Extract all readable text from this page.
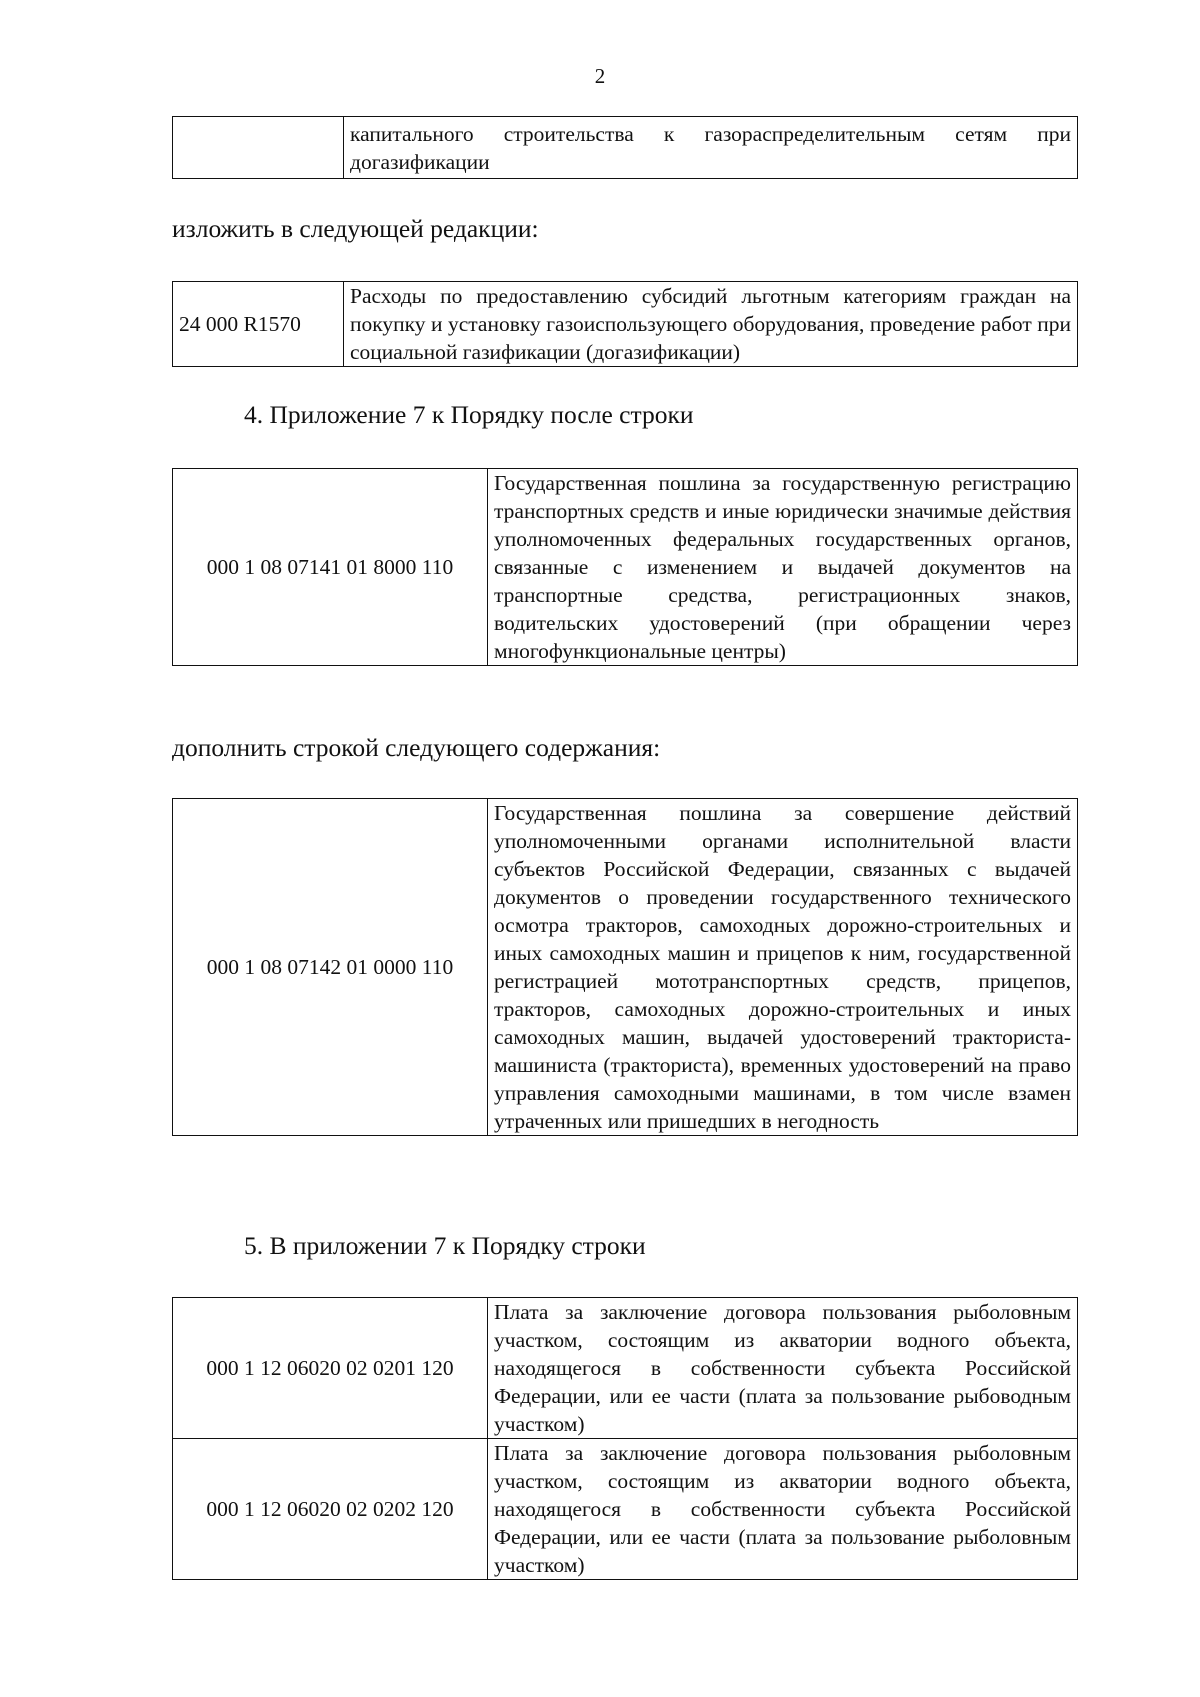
2
	капитального строительства к газораспределительным сетям при догазификации
изложить в следующей редакции:
24 000 R1570	Расходы по предоставлению субсидий льготным категориям граждан на покупку и установку газоиспользующего оборудования, проведение работ при социальной газификации (догазификации)
4. Приложение 7 к Порядку после строки
000 1 08 07141 01 8000 110	Государственная пошлина за государственную регистрацию транспортных средств и иные юридически значимые действия уполномоченных федеральных государственных органов, связанные с изменением и выдачей документов на транспортные средства, регистрационных знаков, водительских удостоверений (при обращении через многофункциональные центры)
дополнить строкой следующего содержания:
000 1 08 07142 01 0000 110	Государственная пошлина за совершение действий уполномоченными органами исполнительной власти субъектов Российской Федерации, связанных с выдачей документов о проведении государственного технического осмотра тракторов, самоходных дорожно-строительных и иных самоходных машин и прицепов к ним, государственной регистрацией мототранспортных средств, прицепов, тракторов, самоходных дорожно-строительных и иных самоходных машин, выдачей удостоверений тракториста-машиниста (тракториста), временных удостоверений на право управления самоходными машинами, в том числе взамен утраченных или пришедших в негодность
5. В приложении 7 к Порядку строки
000 1 12 06020 02 0201 120	Плата за заключение договора пользования рыболовным участком, состоящим из акватории водного объекта, находящегося в собственности субъекта Российской Федерации, или ее части (плата за пользование рыбоводным участком)
000 1 12 06020 02 0202 120	Плата за заключение договора пользования рыболовным участком, состоящим из акватории водного объекта, находящегося в собственности субъекта Российской Федерации, или ее части (плата за пользование рыболовным участком)
